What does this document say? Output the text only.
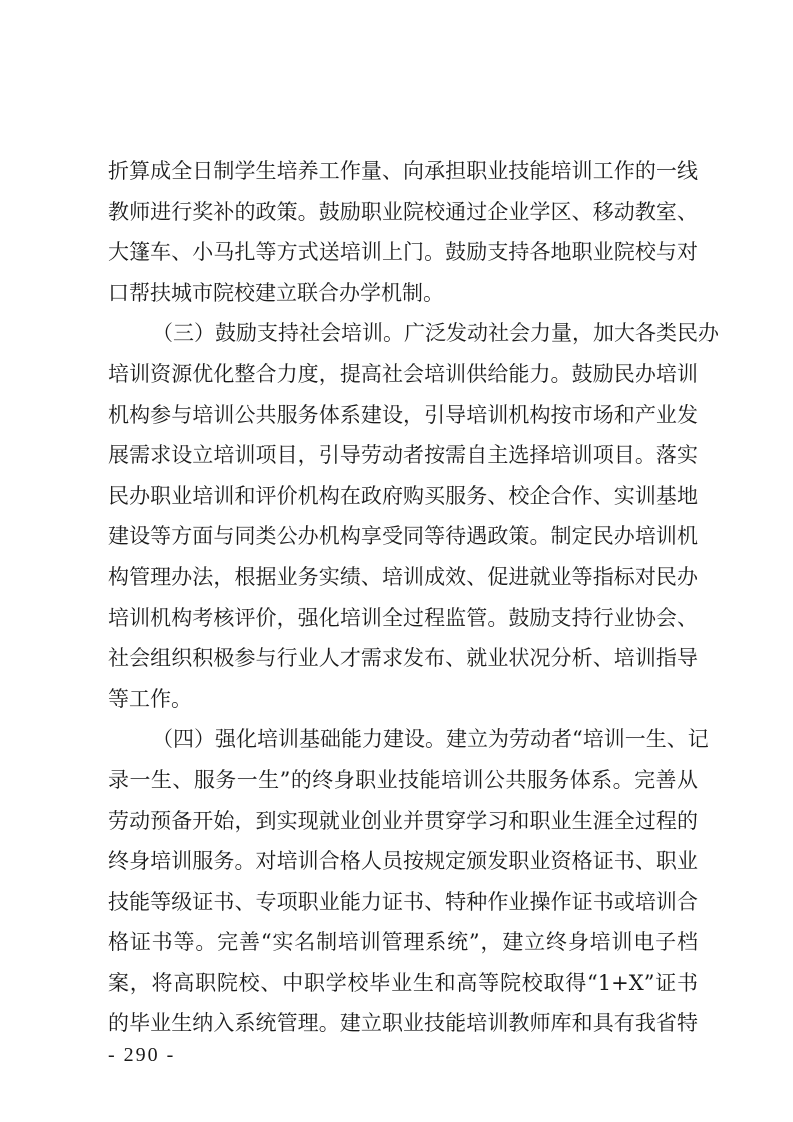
折算成全日制学生培养工作量、向承担职业技能培训工作的一线
教师进行奖补的政策。鼓励职业院校通过企业学区、移动教室、
大篷车、小马扎等方式送培训上门。鼓励支持各地职业院校与对
口帮扶城市院校建立联合办学机制。
（三）鼓励支持社会培训。广泛发动社会力量，加大各类民办
培训资源优化整合力度，提高社会培训供给能力。鼓励民办培训
机构参与培训公共服务体系建设，引导培训机构按市场和产业发
展需求设立培训项目，引导劳动者按需自主选择培训项目。落实
民办职业培训和评价机构在政府购买服务、校企合作、实训基地
建设等方面与同类公办机构享受同等待遇政策。制定民办培训机
构管理办法，根据业务实绩、培训成效、促进就业等指标对民办
培训机构考核评价，强化培训全过程监管。鼓励支持行业协会、
社会组织积极参与行业人才需求发布、就业状况分析、培训指导
等工作。
（四）强化培训基础能力建设。建立为劳动者“培训一生、记
录一生、服务一生”的终身职业技能培训公共服务体系。完善从
劳动预备开始，到实现就业创业并贯穿学习和职业生涯全过程的
终身培训服务。对培训合格人员按规定颁发职业资格证书、职业
技能等级证书、专项职业能力证书、特种作业操作证书或培训合
格证书等。完善“实名制培训管理系统”，建立终身培训电子档
案，将高职院校、中职学校毕业生和高等院校取得“1+X”证书
的毕业生纳入系统管理。建立职业技能培训教师库和具有我省特
- 290 -
